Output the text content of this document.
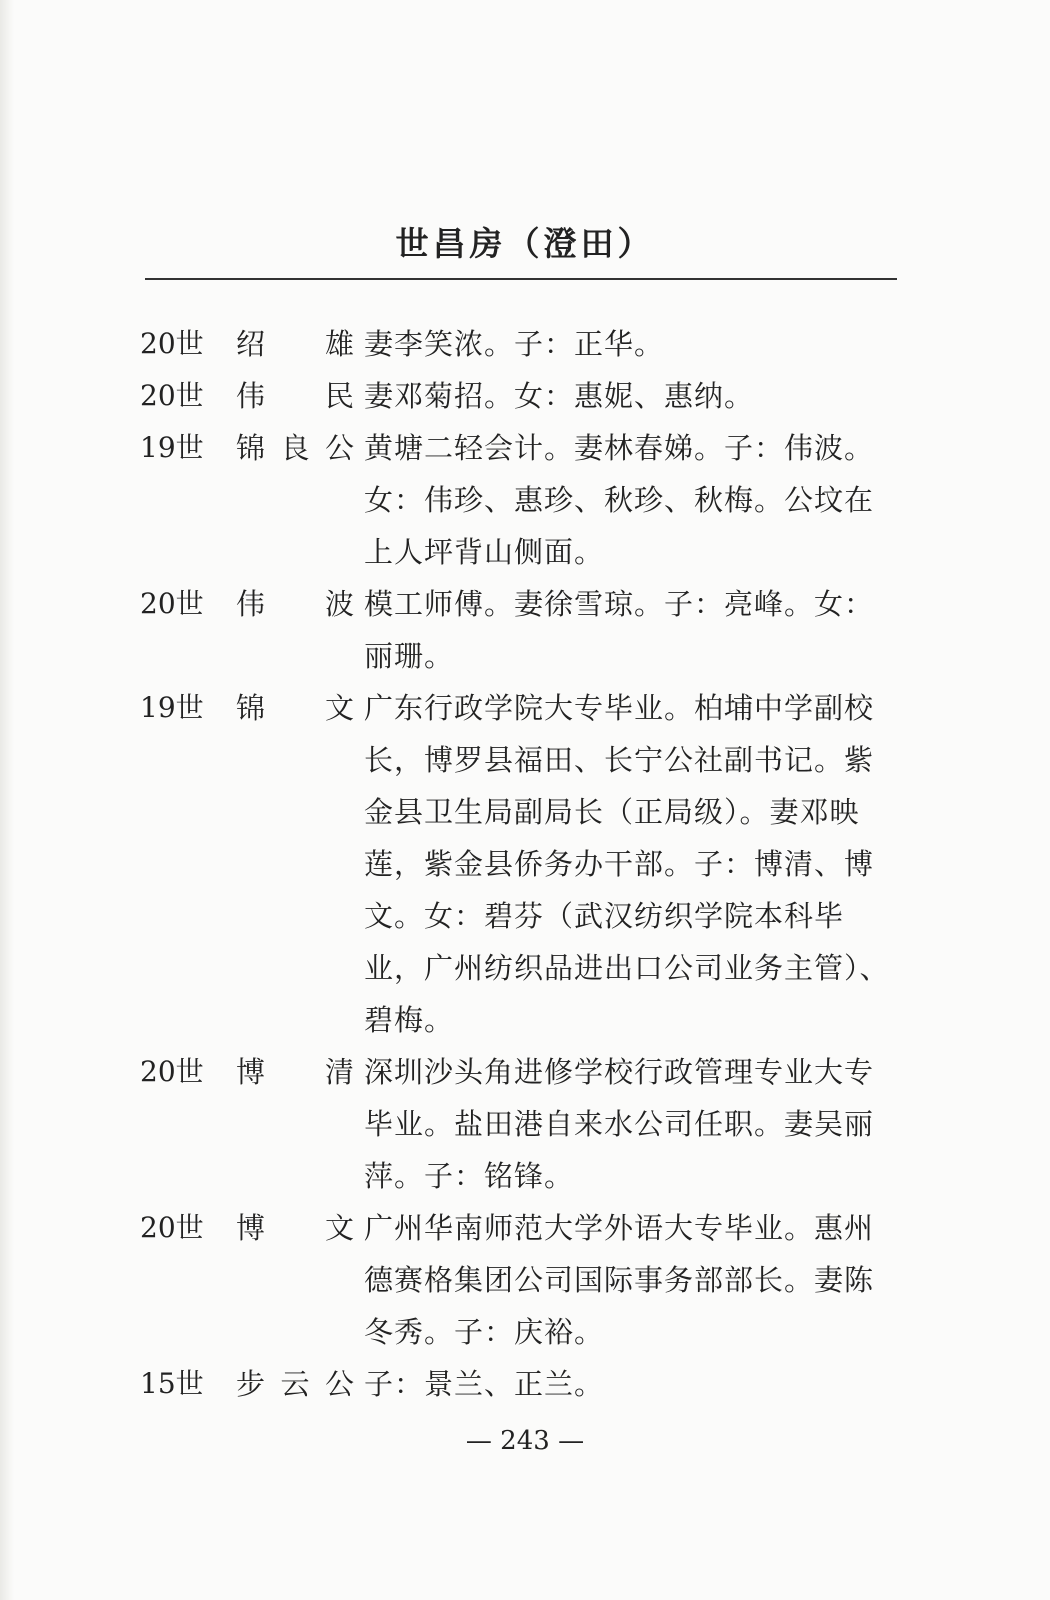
世昌房（澄田）
20世	绍雄 妻李笑浓。子：正华。
20世	伟民 妻邓菊招。女：惠妮、惠纳。
19世	锦良公 黄塘二轻会计。妻林春娣。子：伟波。女：伟珍、惠珍、秋珍、秋梅。公坟在上人坪背山侧面。
20世	伟波 模工师傅。妻徐雪琼。子：亮峰。女：丽珊。
19世	锦文 广东行政学院大专毕业。柏埔中学副校长，博罗县福田、长宁公社副书记。紫金县卫生局副局长（正局级）。妻邓映莲，紫金县侨务办干部。子：博清、博文。女：碧芬（武汉纺织学院本科毕业，广州纺织品进出口公司业务主管）、碧梅。
20世	博清 深圳沙头角进修学校行政管理专业大专毕业。盐田港自来水公司任职。妻吴丽萍。子：铭锋。
20世	博文 广州华南师范大学外语大专毕业。惠州德赛格集团公司国际事务部部长。妻陈冬秀。子：庆裕。
15世	步云公 子：景兰、正兰。
— 243 —
